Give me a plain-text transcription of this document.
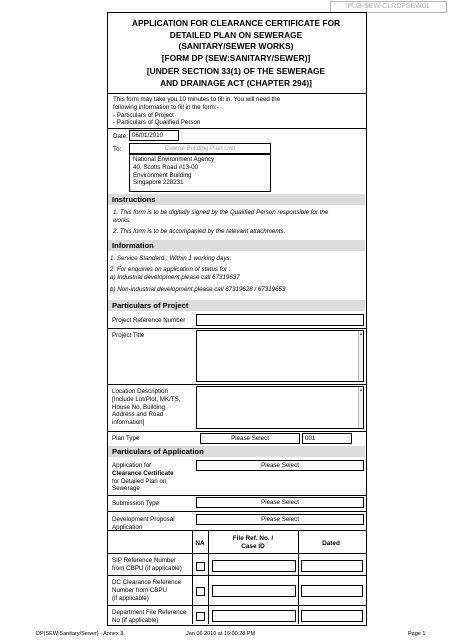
PUB-SEW-CLRDPSEW01
APPLICATION FOR CLEARANCE CERTIFICATE FOR
DETAILED PLAN ON SEWERAGE
(SANITARY/SEWER WORKS)
[FORM DP (SEW:SANITARY/SEWER)]
[UNDER SECTION 33(1) OF THE SEWERAGE
AND DRAINAGE ACT (CHAPTER 294)]
This form may take you 10 minutes to fill in. You will need the
following information to fill in the form:-
- Particulars of Project
- Particulars of Qualified Person
Date: 06/01/2010
To:	Central Building Plan Unit
National Environment Agency
40, Scotts Road #13-00
Environment Building
Singapore 228231
Instructions
1. This form is to be digitally signed by the Qualified Person responsible for the
works.
2. This form is to be accompanied by the relevant attachments.
Information
1. Service Standard : Within 1 working days.
2. For enquiries on application of status for :
a) Industrial development,please call 67319637
b) Non-industrial development,please call 67319628 / 67319653
Particulars of Project
Project Reference Number
Project Title	▲
Location Description
[Include Lot/Plot, MK/TS,
House No, Building
Address and Road
information]
▲
Plan Type	Please Select	001
Particulars of Application
Application for
Clearance Certificate
for Detailed Plan on
Sewerage
Please Select
Submission Type	Please Select
Development Proposal
Application
Please Select
NA
File Ref. No. /
Case ID	Dated
SIP Reference Number
from CBPU (if applicable)
DC Clearance Reference
Number from CBPU
(if applicable)
Department File Reference
No (if applicable)
DP(SEW:Sanitary/Sewer) - Annex 3	Jan 06 2010 at 16:00:28 PM	Page 1
